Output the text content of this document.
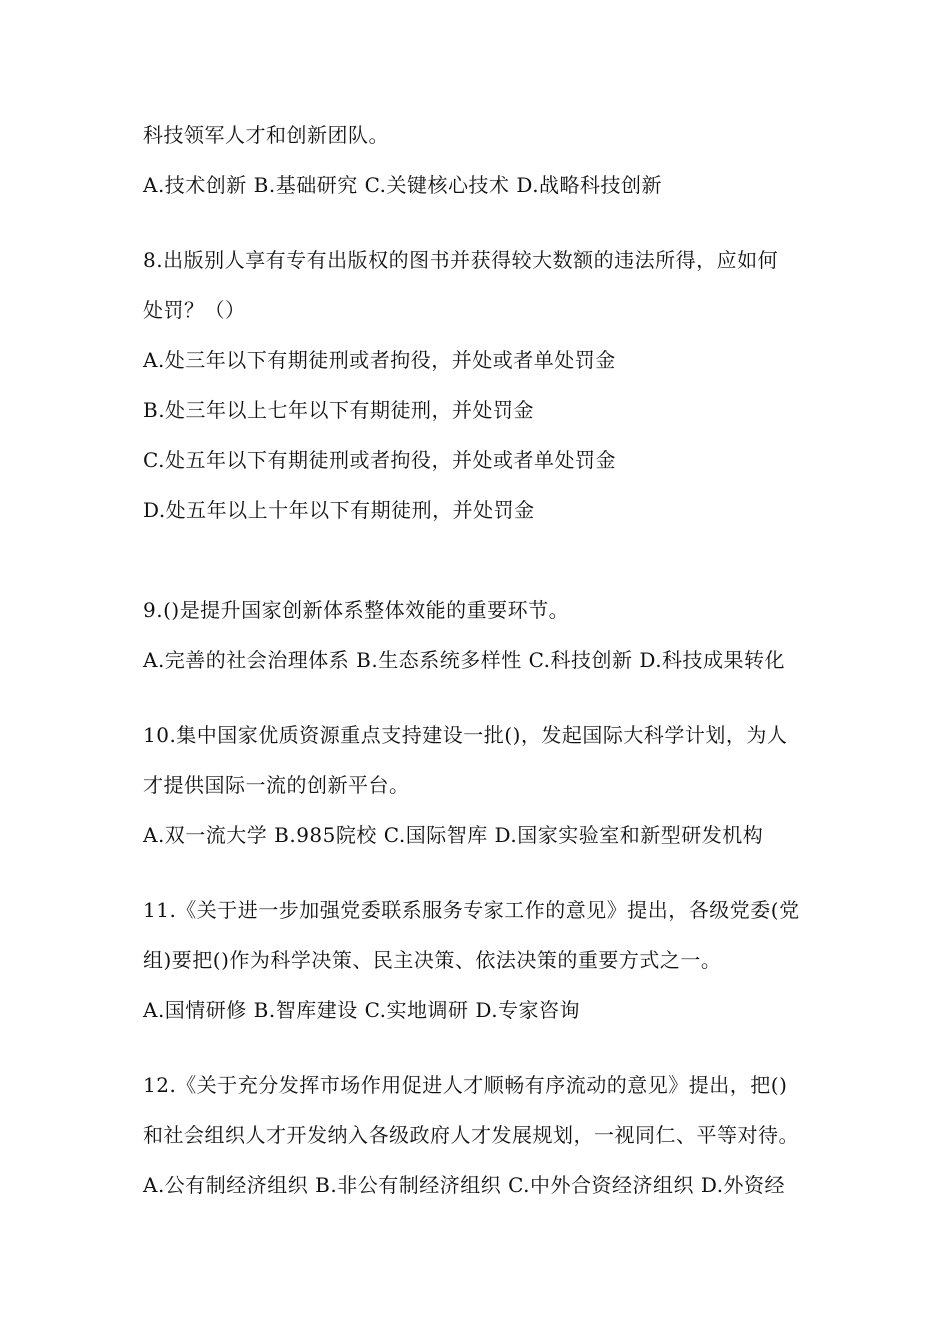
科技领军人才和创新团队。
A.技术创新 B.基础研究 C.关键核心技术 D.战略科技创新
8.出版别人享有专有出版权的图书并获得较大数额的违法所得，应如何
处罚？（）
A.处三年以下有期徒刑或者拘役，并处或者单处罚金
B.处三年以上七年以下有期徒刑，并处罚金
C.处五年以下有期徒刑或者拘役，并处或者单处罚金
D.处五年以上十年以下有期徒刑，并处罚金
9.()是提升国家创新体系整体效能的重要环节。
A.完善的社会治理体系 B.生态系统多样性 C.科技创新 D.科技成果转化
10.集中国家优质资源重点支持建设一批()，发起国际大科学计划，为人
才提供国际一流的创新平台。
A.双一流大学 B.985院校 C.国际智库 D.国家实验室和新型研发机构
11.《关于进一步加强党委联系服务专家工作的意见》提出，各级党委(党
组)要把()作为科学决策、民主决策、依法决策的重要方式之一。
A.国情研修 B.智库建设 C.实地调研 D.专家咨询
12.《关于充分发挥市场作用促进人才顺畅有序流动的意见》提出，把()
和社会组织人才开发纳入各级政府人才发展规划，一视同仁、平等对待。
A.公有制经济组织 B.非公有制经济组织 C.中外合资经济组织 D.外资经
